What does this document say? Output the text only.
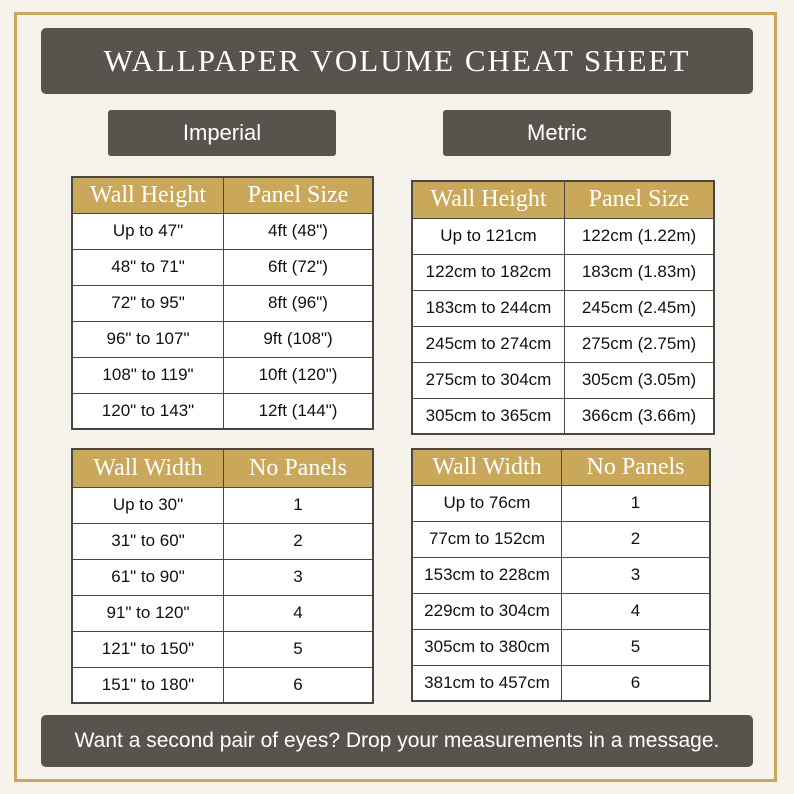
WALLPAPER VOLUME CHEAT SHEET
Imperial	Metric
Wall Height	Panel Size
Up to 47"	4ft (48")
48" to 71"	6ft (72")
72" to 95"	8ft (96")
96" to 107"	9ft (108")
108" to 119"	10ft (120")
120" to 143"	12ft (144")
Wall Height	Panel Size
Up to 121cm	122cm (1.22m)
122cm to 182cm	183cm (1.83m)
183cm to 244cm	245cm (2.45m)
245cm to 274cm	275cm (2.75m)
275cm to 304cm	305cm (3.05m)
305cm to 365cm	366cm (3.66m)
Wall Width	No Panels
Up to 30"	1
31" to 60"	2
61" to 90"	3
91" to 120"	4
121" to 150"	5
151" to 180"	6
Wall Width	No Panels
Up to 76cm	1
77cm to 152cm	2
153cm to 228cm	3
229cm to 304cm	4
305cm to 380cm	5
381cm to 457cm	6
Want a second pair of eyes? Drop your measurements in a message.
